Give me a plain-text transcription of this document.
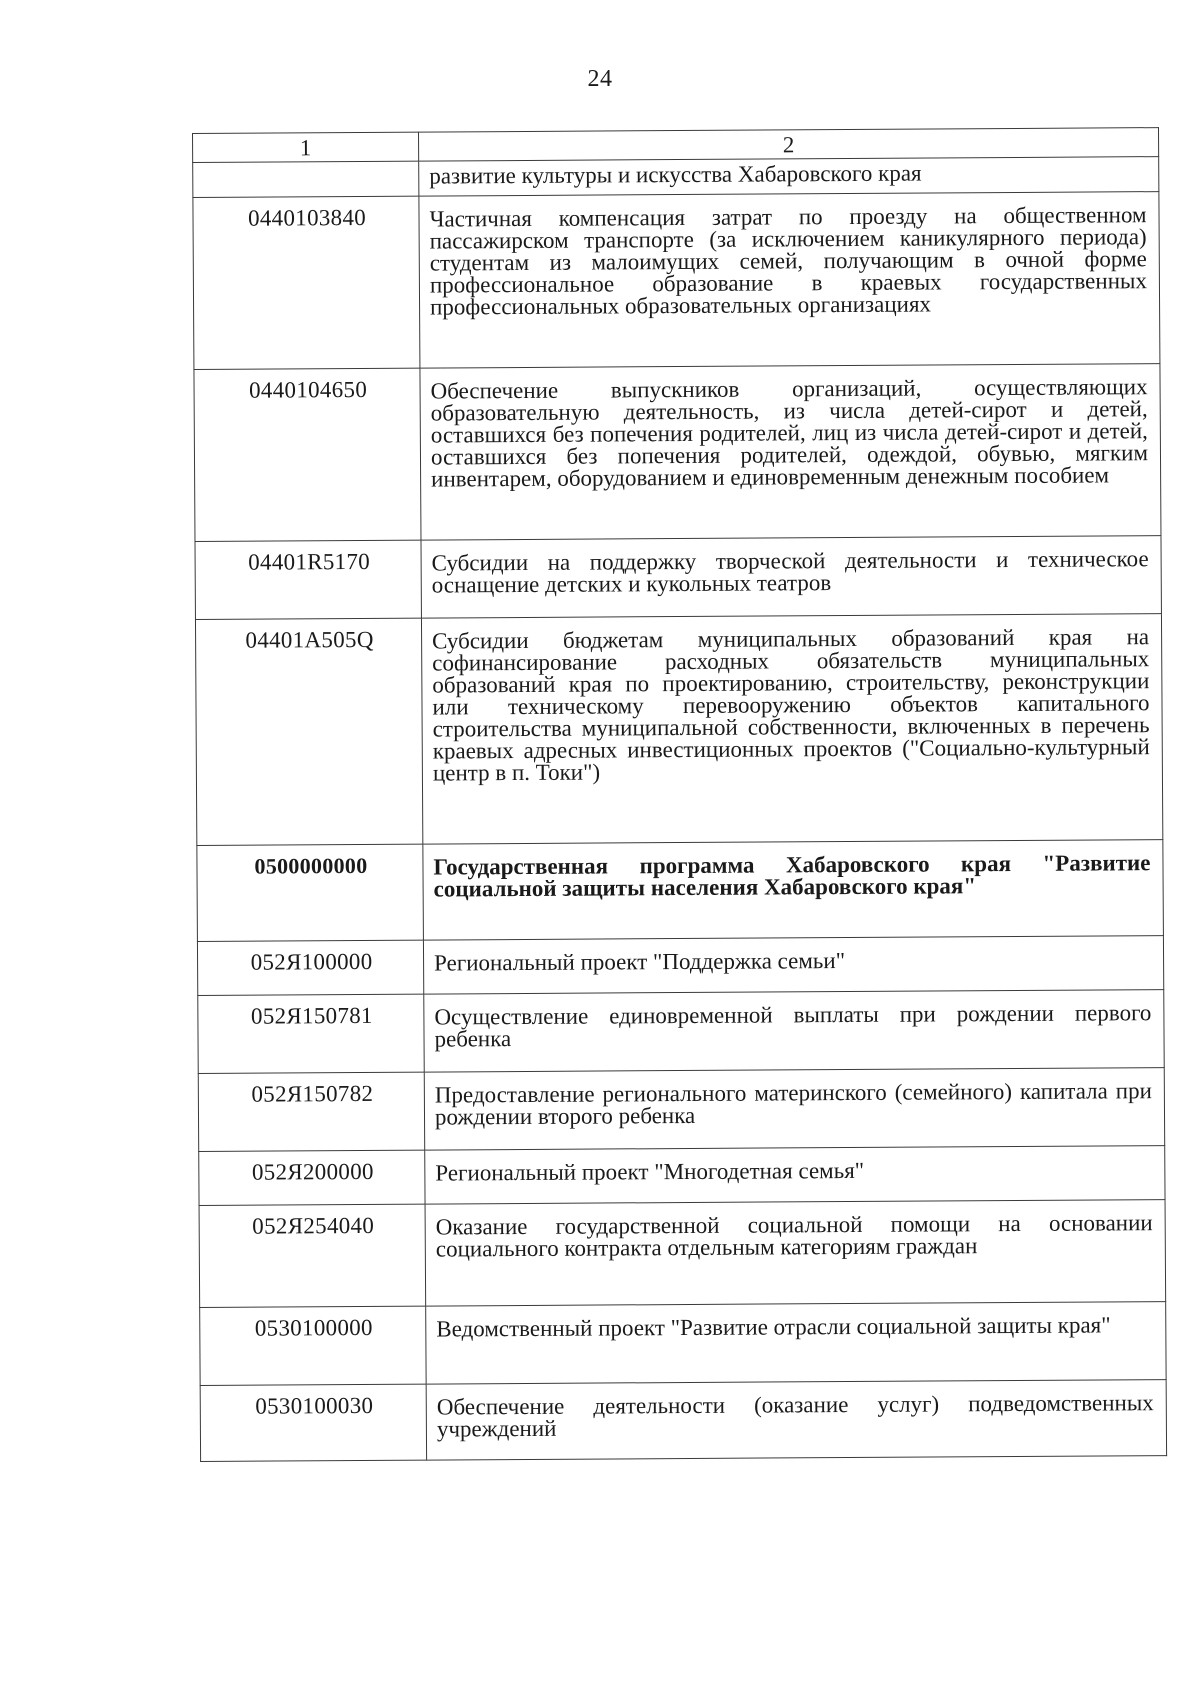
24
1	2
	развитие культуры и искусства Хабаровского края
0440103840	Частичная компенсация затрат по проезду на общественном пассажирском транспорте (за исключением каникулярного периода) студентам из малоимущих семей, получающим в очной форме профессиональное образование в краевых государственных профессиональных образовательных организациях
0440104650	Обеспечение выпускников организаций, осуществляющих образовательную деятельность, из числа детей-сирот и детей, оставшихся без попечения родителей, лиц из числа детей-сирот и детей, оставшихся без попечения родителей, одеждой, обувью, мягким инвентарем, оборудованием и единовременным денежным пособием
04401R5170	Субсидии на поддержку творческой деятельности и техническое оснащение детских и кукольных театров
04401A505Q	Субсидии бюджетам муниципальных образований края на софинансирование расходных обязательств муниципальных образований края по проектированию, строительству, реконструкции или техническому перевооружению объектов капитального строительства муниципальной собственности, включенных в перечень краевых адресных инвестиционных проектов ("Социально-культурный центр в п. Токи")
0500000000	Государственная программа Хабаровского края "Развитие социальной защиты населения Хабаровского края"
052Я100000	Региональный проект "Поддержка семьи"
052Я150781	Осуществление единовременной выплаты при рождении первого ребенка
052Я150782	Предоставление регионального материнского (семейного) капитала при рождении второго ребенка
052Я200000	Региональный проект "Многодетная семья"
052Я254040	Оказание государственной социальной помощи на основании социального контракта отдельным категориям граждан
0530100000	Ведомственный проект "Развитие отрасли социальной защиты края"
0530100030	Обеспечение деятельности (оказание услуг) подведомственных учреждений
